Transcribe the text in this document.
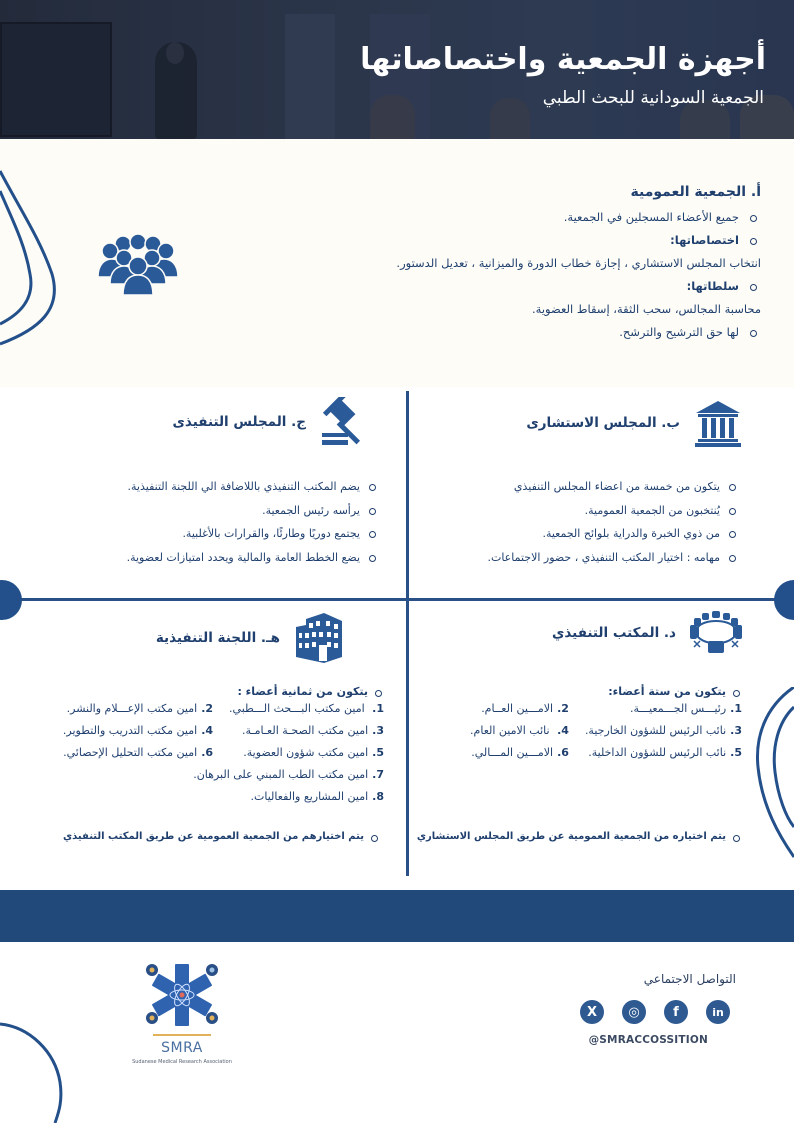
أجهزة الجمعية واختصاصاتها
الجمعية السودانية للبحث الطبي
أ. الجمعية العمومية
جميع الأعضاء المسجلين في الجمعية.
اختصاصاتها:
انتخاب المجلس الاستشاري ، إجازة خطاب الدورة والميزانية ، تعديل الدستور.
سلطاتها:
محاسبة المجالس، سحب الثقة، إسقاط العضوية.
لها حق الترشيح والترشح.
ب. المجلس الاستشارى
يتكون من خمسة من اعضاء المجلس التنفيذي
يُنتخبون من الجمعية العمومية.
من ذوي الخبرة والدراية بلوائح الجمعية.
مهامه : اختيار المكتب التنفيذي ، حضور الاجتماعات.
ج. المجلس التنفيذى
يضم المكتب التنفيذي باللاضافة الي اللجنة التنفيذية.
يرأسه رئيس الجمعية.
يجتمع دوريًا وطارئًا، والقرارات بالأغلبية.
يضع الخطط العامة والمالية ويحدد امتيازات لعضوية.
د. المكتب التنفيذي
يتكون من ستة أعضاء:
1.رئيـــس الجـــمعيـــة.
2.الامـــين العــام.
3.نائب الرئيس للشؤون الخارجية.
4. نائب الامين العام.
5.نائب الرئيس للشؤون الداخلية.
6.الامـــين المـــالي.
يتم اختياره من الجمعية العمومية عن طريق المجلس الاستشاري
هـ. اللجنة التنفيذية
يتكون من ثمانية أعضاء :
1. امين مكتب البـــحث الـــطبي.
2.امين مكتب الإعـــلام والنشر.
3.امين مكتب الصحـة العـامـة.
4.امين مكتب التدريب والتطوير.
5.امين مكتب شؤون العضوية.
6.امين مكتب التحليل الإحصائي.
7.امين مكتب الطب المبني على البرهان.
8.امين المشاريع والفعاليات.
يتم اختيارهم من الجمعية العمومية عن طريق المكتب التنفيذي
SMRA
Sudanese Medical Research Association
التواصل الاجتماعي
X	◎	f	in
@SMRACCOSSITION
